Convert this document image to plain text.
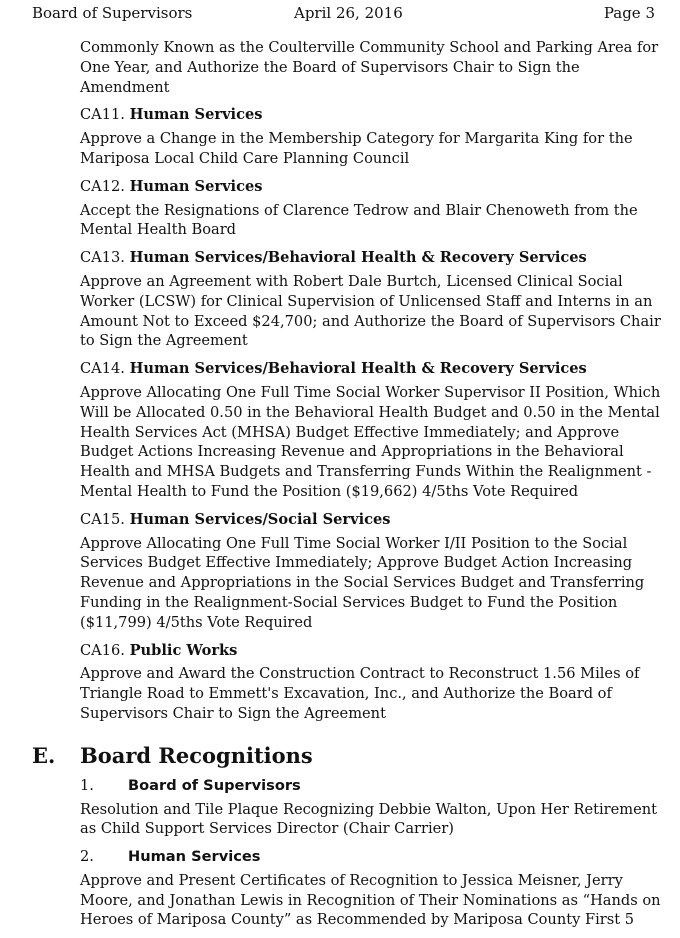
Board of Supervisors	April 26, 2016	Page 3

Commonly Known as the Coulterville Community School and Parking Area for One Year, and Authorize the Board of Supervisors Chair to Sign the Amendment

CA11. Human Services

Approve a Change in the Membership Category for Margarita King for the Mariposa Local Child Care Planning Council

CA12. Human Services

Accept the Resignations of Clarence Tedrow and Blair Chenoweth from the Mental Health Board

CA13. Human Services/Behavioral Health & Recovery Services

Approve an Agreement with Robert Dale Burtch, Licensed Clinical Social Worker (LCSW) for Clinical Supervision of Unlicensed Staff and Interns in an Amount Not to Exceed $24,700; and Authorize the Board of Supervisors Chair to Sign the Agreement

CA14. Human Services/Behavioral Health & Recovery Services

Approve Allocating One Full Time Social Worker Supervisor II Position, Which Will be Allocated 0.50 in the Behavioral Health Budget and 0.50 in the Mental Health Services Act (MHSA) Budget Effective Immediately; and Approve Budget Actions Increasing Revenue and Appropriations in the Behavioral Health and MHSA Budgets and Transferring Funds Within the Realignment - Mental Health to Fund the Position ($19,662) 4/5ths Vote Required

CA15. Human Services/Social Services

Approve Allocating One Full Time Social Worker I/II Position to the Social Services Budget Effective Immediately; Approve Budget Action Increasing Revenue and Appropriations in the Social Services Budget and Transferring Funding in the Realignment-Social Services Budget to Fund the Position ($11,799) 4/5ths Vote Required

CA16. Public Works

Approve and Award the Construction Contract to Reconstruct 1.56 Miles of Triangle Road to Emmett's Excavation, Inc., and Authorize the Board of Supervisors Chair to Sign the Agreement

E. Board Recognitions

1. Board of Supervisors

Resolution and Tile Plaque Recognizing Debbie Walton, Upon Her Retirement as Child Support Services Director (Chair Carrier)

2. Human Services

Approve and Present Certificates of Recognition to Jessica Meisner, Jerry Moore, and Jonathan Lewis in Recognition of Their Nominations as “Hands on Heroes of Mariposa County” as Recommended by Mariposa County First 5
